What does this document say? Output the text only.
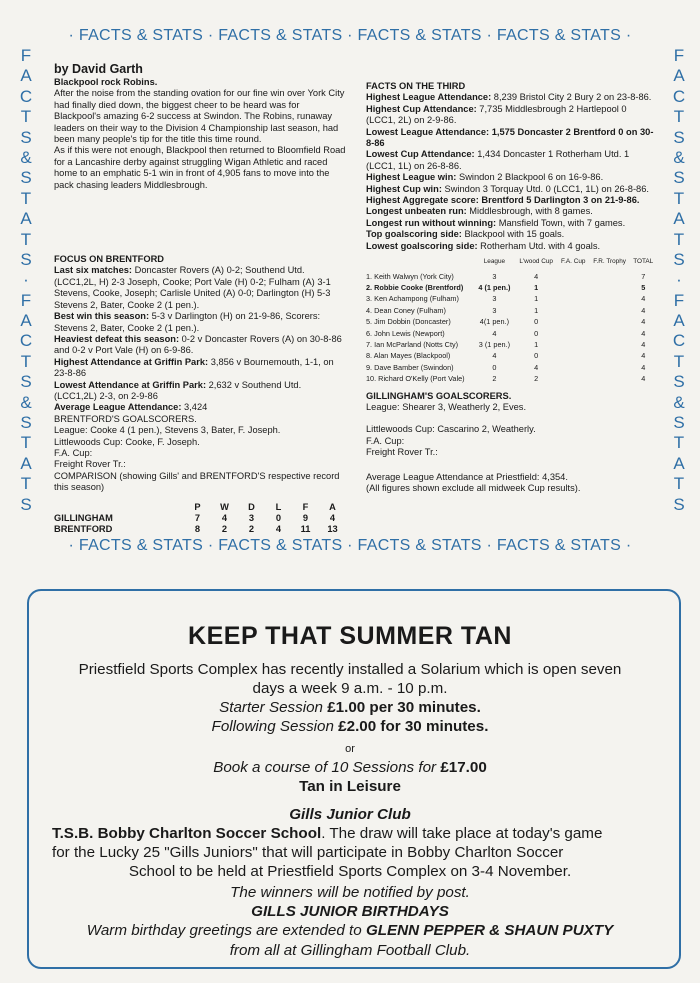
· FACTS & STATS · FACTS & STATS · FACTS & STATS · FACTS & STATS ·
· FACTS & STATS · FACTS & STATS · FACTS & STATS · FACTS & STATS ·
F
A
C
T
S
&
S
T
A
T
S
·
F
A
C
T
S
&
S
T
A
T
S
F
A
C
T
S
&
S
T
A
T
S
·
F
A
C
T
S
&
S
T
A
T
S

by David Garth

Blackpool rock Robins.

After the noise from the standing ovation for our fine win over York City had finally died down, the biggest cheer to be heard was for Blackpool's amazing 6-2 success at Swindon. The Robins, runaway leaders on their way to the Division 4 Championship last season, had been many people's tip for the title this time round.

As if this were not enough, Blackpool then returned to Bloomfield Road for a Lancashire derby against struggling Wigan Athletic and raced home to an emphatic 5-1 win in front of 4,905 fans to move into the pack chasing leaders Middlesbrough.

FOCUS ON BRENTFORD

Last six matches: Doncaster Rovers (A) 0-2; Southend Utd. (LCC1,2L, H) 2-3 Joseph, Cooke; Port Vale (H) 0-2; Fulham (A) 3-1 Stevens, Cooke, Joseph; Carlisle United (A) 0-0; Darlington (H) 5-3 Stevens 2, Bater, Cooke 2 (1 pen.).

Best win this season: 5-3 v Darlington (H) on 21-9-86, Scorers: Stevens 2, Bater, Cooke 2 (1 pen.).

Heaviest defeat this season: 0-2 v Doncaster Rovers (A) on 30-8-86 and 0-2 v Port Vale (H) on 6-9-86.

Highest Attendance at Griffin Park: 3,856 v Bournemouth, 1-1, on 23-8-86

Lowest Attendance at Griffin Park: 2,632 v Southend Utd. (LCC1,2L) 2-3, on 2-9-86

Average League Attendance: 3,424

BRENTFORD'S GOALSCORERS.

League: Cooke 4 (1 pen.), Stevens 3, Bater, F. Joseph.

Littlewoods Cup: Cooke, F. Joseph.

F.A. Cup:

Freight Rover Tr.:

COMPARISON (showing Gills' and BRENTFORD'S respective record this season)

	P	W	D	L	F	A
GILLINGHAM	7	4	3	0	9	4
BRENTFORD	8	2	2	4	11	13

FACTS ON THE THIRD

Highest League Attendance: 8,239 Bristol City 2 Bury 2 on 23-8-86.

Highest Cup Attendance: 7,735 Middlesbrough 2 Hartlepool 0 (LCC1, 2L) on 2-9-86.

Lowest League Attendance: 1,575 Doncaster 2 Brentford 0 on 30-8-86

Lowest Cup Attendance: 1,434 Doncaster 1 Rotherham Utd. 1 (LCC1, 1L) on 26-8-86.

Highest League win: Swindon 2 Blackpool 6 on 16-9-86.

Highest Cup win: Swindon 3 Torquay Utd. 0 (LCC1, 1L) on 26-8-86.

Highest Aggregate score: Brentford 5 Darlington 3 on 21-9-86.

Longest unbeaten run: Middlesbrough, with 8 games.

Longest run without winning: Mansfield Town, with 7 games.

Top goalscoring side: Blackpool with 15 goals.

Lowest goalscoring side: Rotherham Utd. with 4 goals.

	League	L'wood Cup	F.A. Cup	F.R. Trophy	TOTAL
1. Keith Walwyn (York City)	3	4			7
2. Robbie Cooke (Brentford)	4 (1 pen.)	1			5
3. Ken Achampong (Fulham)	3	1			4
4. Dean Coney (Fulham)	3	1			4
5. Jim Dobbin (Doncaster)	4(1 pen.)	0			4
6. John Lewis (Newport)	4	0			4
7. Ian McParland (Notts Cty)	3 (1 pen.)	1			4
8. Alan Mayes (Blackpool)	4	0			4
9. Dave Bamber (Swindon)	0	4			4
10. Richard O'Kelly (Port Vale)	2	2			4

GILLINGHAM'S GOALSCORERS.

League: Shearer 3, Weatherly 2, Eves.

Littlewoods Cup: Cascarino 2, Weatherly.

F.A. Cup:

Freight Rover Tr.:

Average League Attendance at Priestfield: 4,354.

(All figures shown exclude all midweek Cup results).

KEEP THAT SUMMER TAN
Priestfield Sports Complex has recently installed a Solarium which is open seven
days a week 9 a.m. - 10 p.m.
Starter Session £1.00 per 30 minutes.
Following Session £2.00 for 30 minutes.
or
Book a course of 10 Sessions for £17.00
Tan in Leisure
Gills Junior Club
T.S.B. Bobby Charlton Soccer School. The draw will take place at today's game
for the Lucky 25 "Gills Juniors" that will participate in Bobby Charlton Soccer
School to be held at Priestfield Sports Complex on 3-4 November.
The winners will be notified by post.
GILLS JUNIOR BIRTHDAYS
Warm birthday greetings are extended to GLENN PEPPER & SHAUN PUXTY
from all at Gillingham Football Club.
